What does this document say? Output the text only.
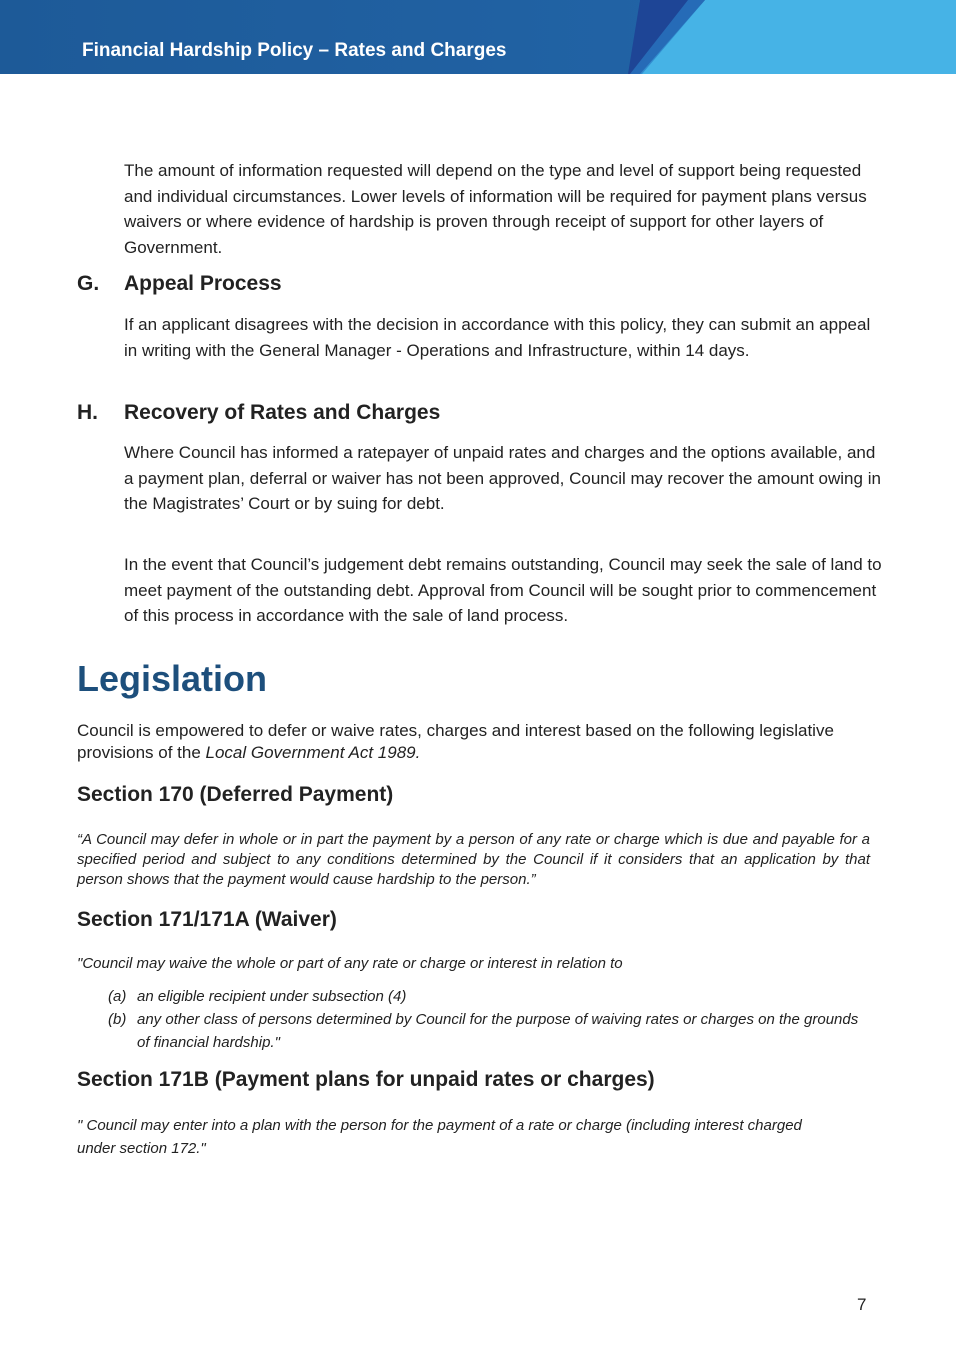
Financial Hardship Policy – Rates and Charges

The amount of information requested will depend on the type and level of support being requested and individual circumstances. Lower levels of information will be required for payment plans versus waivers or where evidence of hardship is proven through receipt of support for other layers of Government.

G. Appeal Process

If an applicant disagrees with the decision in accordance with this policy, they can submit an appeal in writing with the General Manager - Operations and Infrastructure, within 14 days.

H. Recovery of Rates and Charges

Where Council has informed a ratepayer of unpaid rates and charges and the options available, and a payment plan, deferral or waiver has not been approved, Council may recover the amount owing in the Magistrates’ Court or by suing for debt.

In the event that Council’s judgement debt remains outstanding, Council may seek the sale of land to meet payment of the outstanding debt. Approval from Council will be sought prior to commencement of this process in accordance with the sale of land process.

Legislation

Council is empowered to defer or waive rates, charges and interest based on the following legislative provisions of the Local Government Act 1989.

Section 170 (Deferred Payment)

“A Council may defer in whole or in part the payment by a person of any rate or charge which is due and payable for a specified period and subject to any conditions determined by the Council if it considers that an application by that person shows that the payment would cause hardship to the person.”

Section 171/171A (Waiver)
"Council may waive the whole or part of any rate or charge or interest in relation to
(a) an eligible recipient under subsection (4)
(b) any other class of persons determined by Council for the purpose of waiving rates or charges on the grounds of financial hardship."
Section 171B (Payment plans for unpaid rates or charges)

" Council may enter into a plan with the person for the payment of a rate or charge (including interest charged under section 172."

7
